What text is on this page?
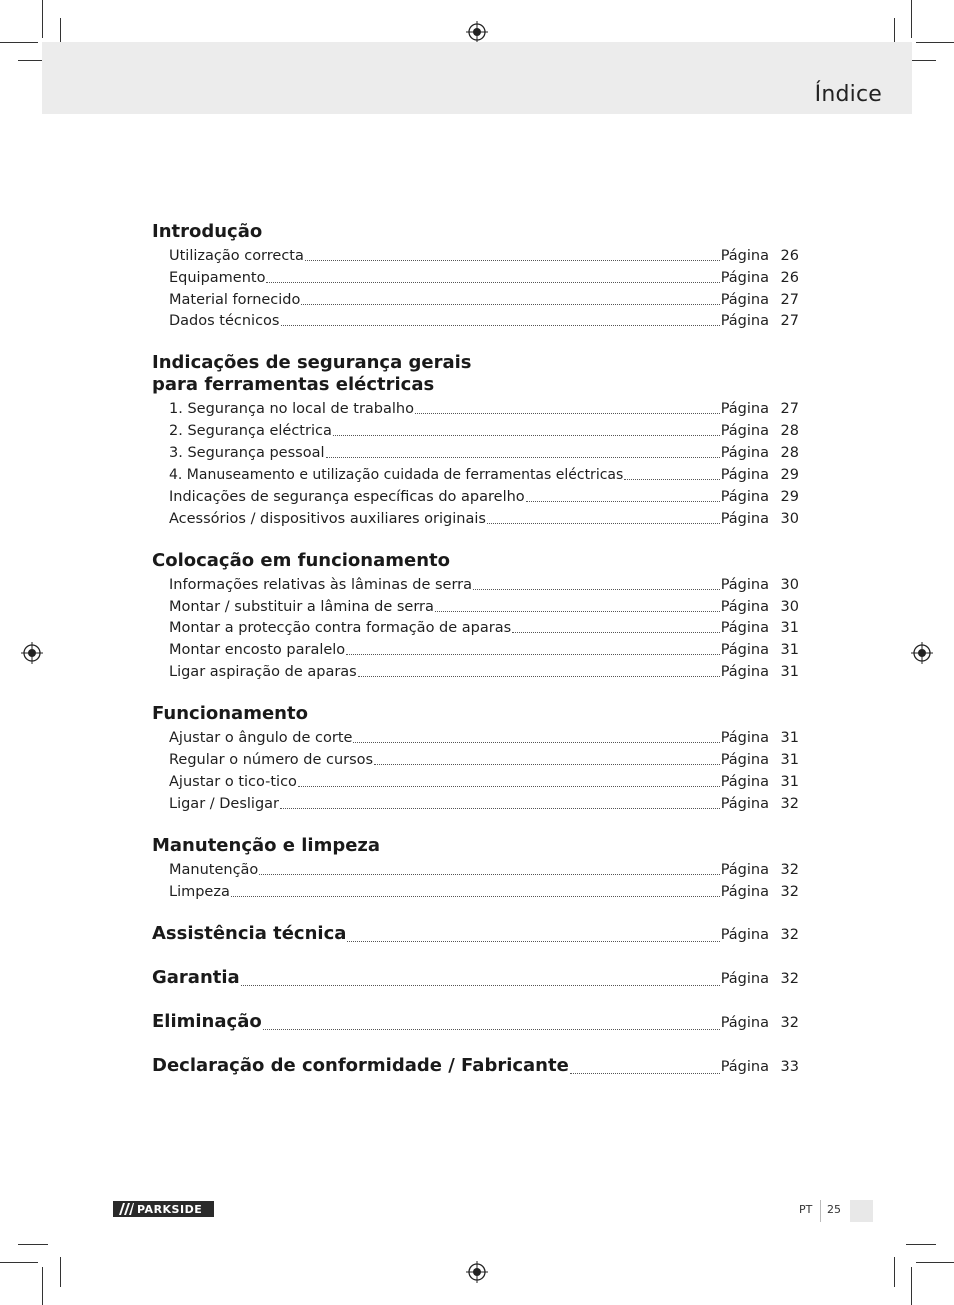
Índice
Introdução
Utilização correcta	Página 26
Equipamento	Página 26
Material fornecido	Página 27
Dados técnicos	Página 27
Indicações de segurança gerais
para ferramentas eléctricas
1. Segurança no local de trabalho	Página 27
2. Segurança eléctrica	Página 28
3. Segurança pessoal	Página 28
4. Manuseamento e utilização cuidada de ferramentas eléctricas	Página 29
Indicações de segurança específicas do aparelho	Página 29
Acessórios / dispositivos auxiliares originais	Página 30
Colocação em funcionamento
Informações relativas às lâminas de serra	Página 30
Montar / substituir a lâmina de serra	Página 30
Montar a protecção contra formação de aparas	Página 31
Montar encosto paralelo	Página 31
Ligar aspiração de aparas	Página 31
Funcionamento
Ajustar o ângulo de corte	Página 31
Regular o número de cursos	Página 31
Ajustar o tico-tico	Página 31
Ligar / Desligar	Página 32
Manutenção e limpeza
Manutenção	Página 32
Limpeza	Página 32
Assistência técnica	Página 32
Garantia	Página 32
Eliminação	Página 32
Declaração de conformidade / Fabricante	Página 33
PARKSIDE	PT 25
